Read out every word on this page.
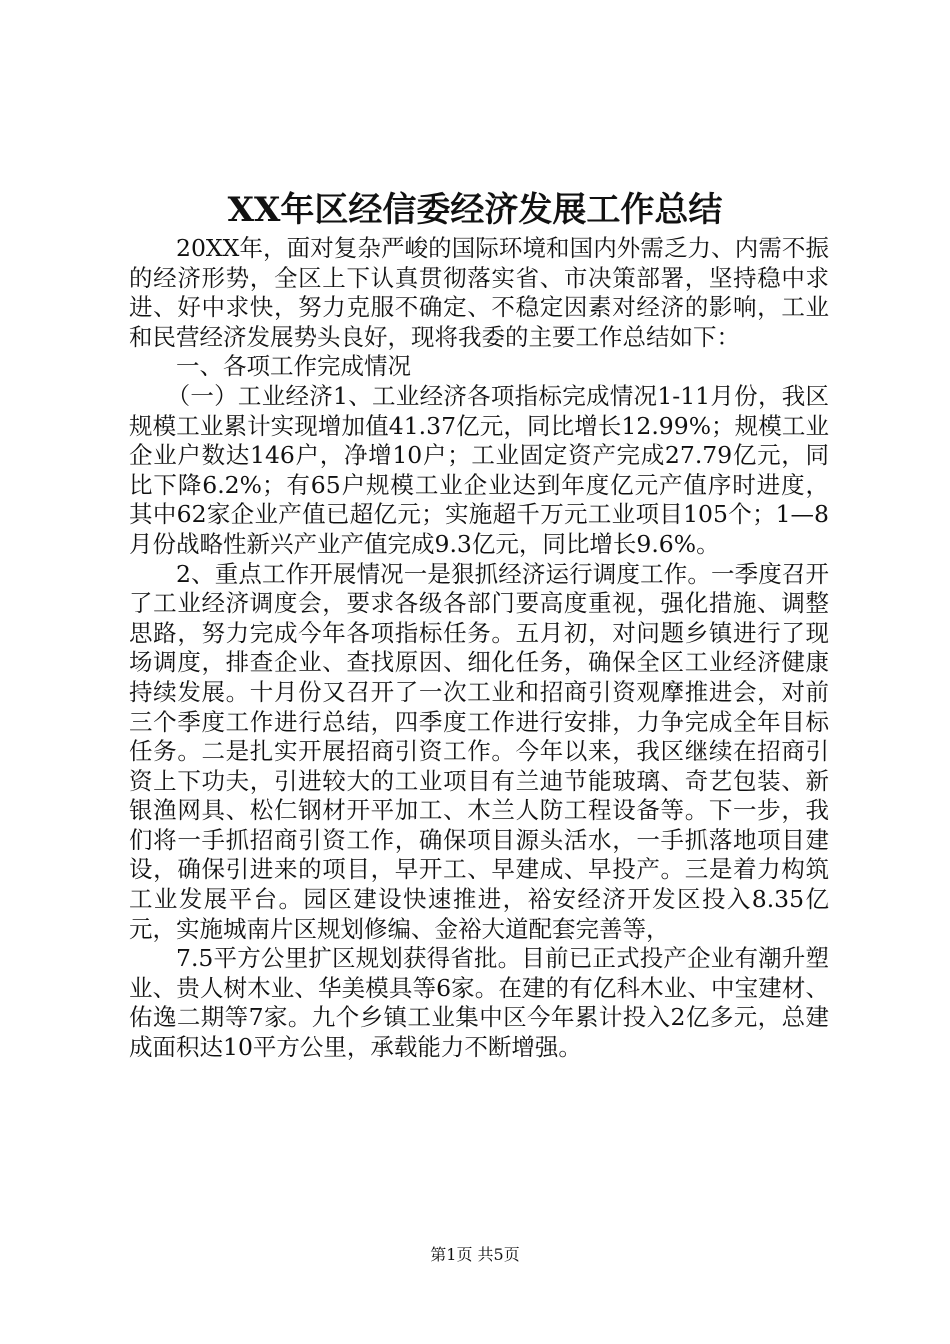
XX年区经信委经济发展工作总结

20XX年，面对复杂严峻的国际环境和国内外需乏力、内需不振的经济形势，全区上下认真贯彻落实省、市决策部署，坚持稳中求进、好中求快，努力克服不确定、不稳定因素对经济的影响，工业和民营经济发展势头良好，现将我委的主要工作总结如下：

一、各项工作完成情况

（一）工业经济1、工业经济各项指标完成情况1-11月份，我区规模工业累计实现增加值41.37亿元，同比增长12.99%；规模工业企业户数达146户，净增10户；工业固定资产完成27.79亿元，同比下降6.2%；有65户规模工业企业达到年度亿元产值序时进度，其中62家企业产值已超亿元；实施超千万元工业项目105个；1—8月份战略性新兴产业产值完成9.3亿元，同比增长9.6%。

2、重点工作开展情况一是狠抓经济运行调度工作。一季度召开了工业经济调度会，要求各级各部门要高度重视，强化措施、调整思路，努力完成今年各项指标任务。五月初，对问题乡镇进行了现场调度，排查企业、查找原因、细化任务，确保全区工业经济健康持续发展。十月份又召开了一次工业和招商引资观摩推进会，对前三个季度工作进行总结，四季度工作进行安排，力争完成全年目标任务。二是扎实开展招商引资工作。今年以来，我区继续在招商引资上下功夫，引进较大的工业项目有兰迪节能玻璃、奇艺包装、新银渔网具、松仁钢材开平加工、木兰人防工程设备等。下一步，我们将一手抓招商引资工作，确保项目源头活水，一手抓落地项目建设，确保引进来的项目，早开工、早建成、早投产。三是着力构筑工业发展平台。园区建设快速推进，裕安经济开发区投入8.35亿元，实施城南片区规划修编、金裕大道配套完善等，

7.5平方公里扩区规划获得省批。目前已正式投产企业有潮升塑业、贵人树木业、华美模具等6家。在建的有亿科木业、中宝建材、佑逸二期等7家。九个乡镇工业集中区今年累计投入2亿多元，总建成面积达10平方公里，承载能力不断增强。

第1页 共5页
